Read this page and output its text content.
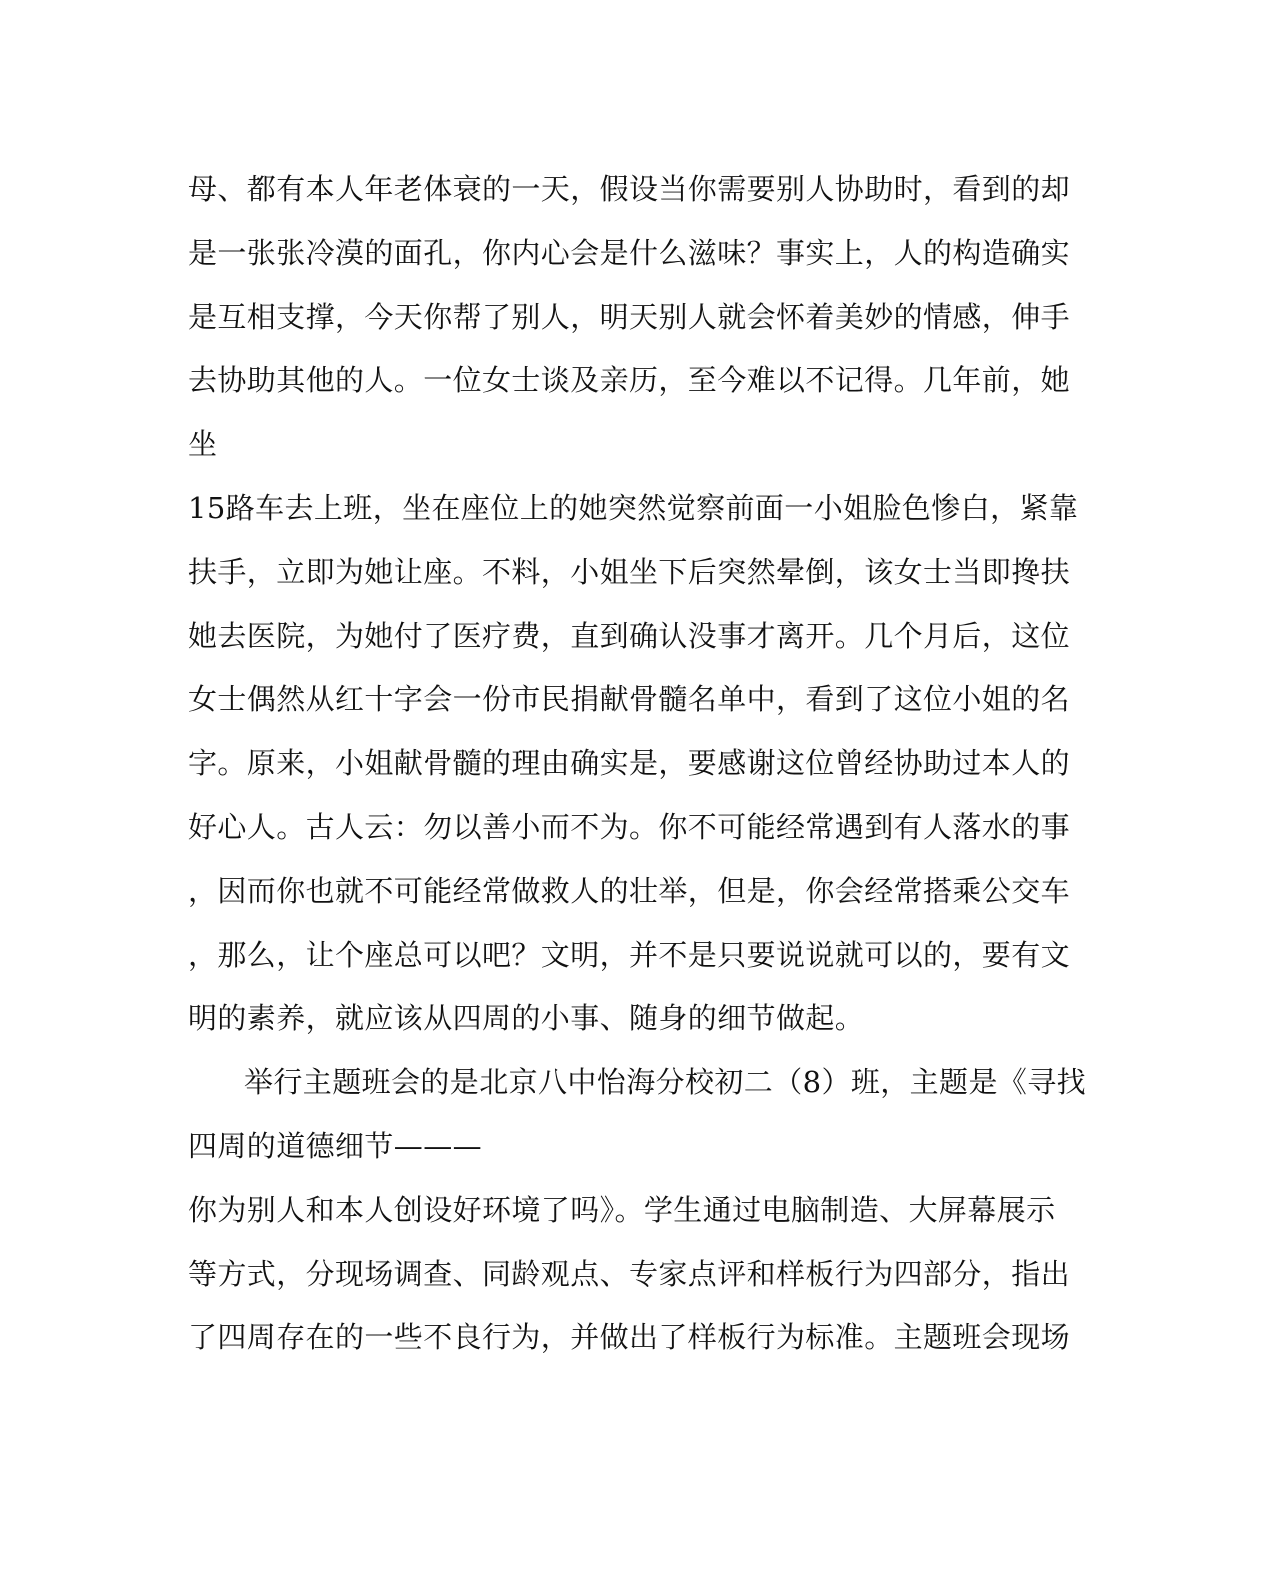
母、都有本人年老体衰的一天，假设当你需要别人协助时，看到的却
是一张张冷漠的面孔，你内心会是什么滋味？事实上，人的构造确实
是互相支撑，今天你帮了别人，明天别人就会怀着美妙的情感，伸手
去协助其他的人。一位女士谈及亲历，至今难以不记得。几年前，她
坐
15路车去上班，坐在座位上的她突然觉察前面一小姐脸色惨白，紧靠
扶手，立即为她让座。不料，小姐坐下后突然晕倒，该女士当即搀扶
她去医院，为她付了医疗费，直到确认没事才离开。几个月后，这位
女士偶然从红十字会一份市民捐献骨髓名单中，看到了这位小姐的名
字。原来，小姐献骨髓的理由确实是，要感谢这位曾经协助过本人的
好心人。古人云：勿以善小而不为。你不可能经常遇到有人落水的事
，因而你也就不可能经常做救人的壮举，但是，你会经常搭乘公交车
，那么，让个座总可以吧？文明，并不是只要说说就可以的，要有文
明的素养，就应该从四周的小事、随身的细节做起。
举行主题班会的是北京八中怡海分校初二（8）班，主题是《寻找
四周的道德细节———
你为别人和本人创设好环境了吗》。学生通过电脑制造、大屏幕展示
等方式，分现场调查、同龄观点、专家点评和样板行为四部分，指出
了四周存在的一些不良行为，并做出了样板行为标准。主题班会现场
